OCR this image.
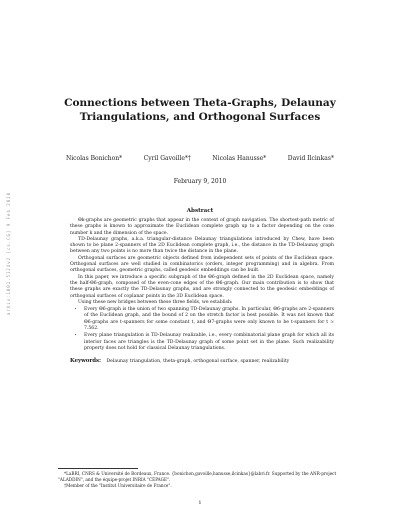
arXiv:1001.5124v2 [cs.CG] 9 Feb 2010
Connections between Theta-Graphs, Delaunay
Triangulations, and Orthogonal Surfaces
Nicolas Bonichon*	Cyril Gavoille*†	Nicolas Hanusse*	David Ilcinkas*
February 9, 2010
Abstract

Θk-graphs are geometric graphs that appear in the context of graph navigation. The shortest-path metric of these graphs is known to approximate the Euclidean complete graph up to a factor depending on the cone number k and the dimension of the space.

TD-Delaunay graphs, a.k.a. triangular-distance Delaunay triangulations introduced by Chew, have been shown to be plane 2-spanners of the 2D Euclidean complete graph, i.e., the distance in the TD-Delaunay graph between any two points is no more than twice the distance in the plane.

Orthogonal surfaces are geometric objects defined from independent sets of points of the Euclidean space. Orthogonal surfaces are well studied in combinatorics (orders, integer programming) and in algebra. From orthogonal surfaces, geometric graphs, called geodesic embeddings can be built.

In this paper, we introduce a specific subgraph of the Θ6-graph defined in the 2D Euclidean space, namely the half-Θ6-graph, composed of the even-cone edges of the Θ6-graph. Our main contribution is to show that these graphs are exactly the TD-Delaunay graphs, and are strongly connected to the geodesic embeddings of orthogonal surfaces of coplanar points in the 3D Euclidean space.

Using these new bridges between these three fields, we establish:

• Every Θ6-graph is the union of two spanning TD-Delaunay graphs. In particular, Θ6-graphs are 2-spanners of the Euclidean graph, and the bound of 2 on the stretch factor is best possible. It was not known that Θ6-graphs are t-spanners for some constant t, and Θ7-graphs were only known to be t-spanners for t ≃ 7.562.
• Every plane triangulation is TD-Delaunay realizable, i.e., every combinatorial plane graph for which all its interior faces are triangles is the TD-Delaunay graph of some point set in the plane. Such realizability property does not hold for classical Delaunay triangulations.
Keywords: Delaunay triangulation, theta-graph, orthogonal surface, spanner, realizability

*LaBRI, CNRS & Université de Bordeaux, France. {bonichon,gavoille,hanusse,ilcinkas}@labri.fr. Supported by the ANR-project "ALADDIN", and the équipe-projet INRIA "CÉPAGE".

†Member of the "Institut Universitaire de France".

1
